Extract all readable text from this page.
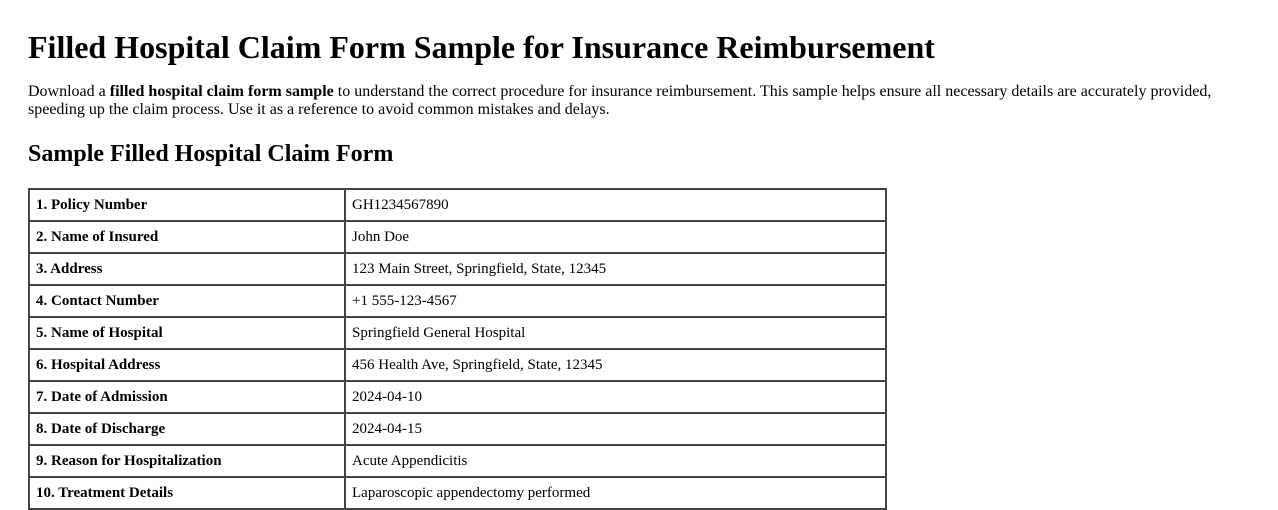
Filled Hospital Claim Form Sample for Insurance Reimbursement

Download a filled hospital claim form sample to understand the correct procedure for insurance reimbursement. This sample helps ensure all necessary details are accurately provided, speeding up the claim process. Use it as a reference to avoid common mistakes and delays.

Sample Filled Hospital Claim Form
1. Policy Number	GH1234567890
2. Name of Insured	John Doe
3. Address	123 Main Street, Springfield, State, 12345
4. Contact Number	+1 555-123-4567
5. Name of Hospital	Springfield General Hospital
6. Hospital Address	456 Health Ave, Springfield, State, 12345
7. Date of Admission	2024-04-10
8. Date of Discharge	2024-04-15
9. Reason for Hospitalization	Acute Appendicitis
10. Treatment Details	Laparoscopic appendectomy performed
